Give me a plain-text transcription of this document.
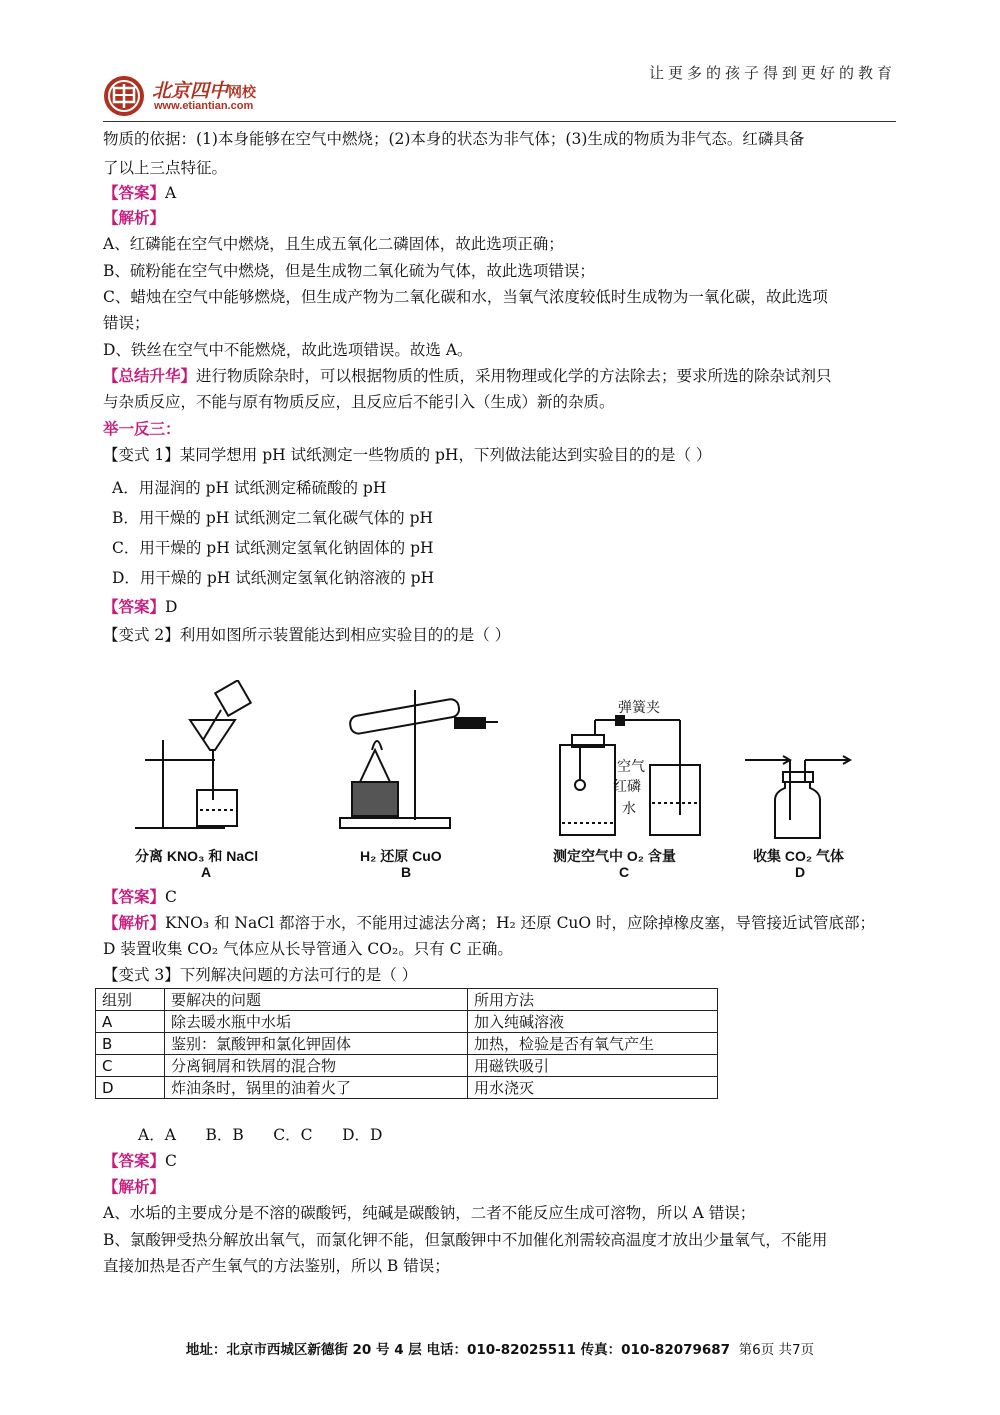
让更多的孩子得到更好的教育
北京四中网校
www.etiantian.com
物质的依据：(1)本身能够在空气中燃烧；(2)本身的状态为非气体；(3)生成的物质为非气态。红磷具备
了以上三点特征。
【答案】A
【解析】
A、红磷能在空气中燃烧，且生成五氧化二磷固体，故此选项正确；
B、硫粉能在空气中燃烧，但是生成物二氧化硫为气体，故此选项错误；
C、蜡烛在空气中能够燃烧，但生成产物为二氧化碳和水，当氧气浓度较低时生成物为一氧化碳，故此选项
错误；
D、铁丝在空气中不能燃烧，故此选项错误。故选 A。
【总结升华】进行物质除杂时，可以根据物质的性质，采用物理或化学的方法除去；要求所选的除杂试剂只
与杂质反应，不能与原有物质反应，且反应后不能引入（生成）新的杂质。
举一反三：
【变式 1】某同学想用 pH 试纸测定一些物质的 pH，下列做法能达到实验目的的是（ ）
A．用湿润的 pH 试纸测定稀硫酸的 pH
B．用干燥的 pH 试纸测定二氧化碳气体的 pH
C．用干燥的 pH 试纸测定氢氧化钠固体的 pH
D．用干燥的 pH 试纸测定氢氧化钠溶液的 pH
【答案】D
【变式 2】利用如图所示装置能达到相应实验目的的是（ ）
分离 KNO₃ 和 NaCl
A
H₂ 还原 CuO
B
弹簧夹
空气
红磷
水
测定空气中 O₂ 含量
C
收集 CO₂ 气体
D
【答案】C
【解析】KNO₃ 和 NaCl 都溶于水，不能用过滤法分离；H₂ 还原 CuO 时，应除掉橡皮塞，导管接近试管底部；
D 装置收集 CO₂ 气体应从长导管通入 CO₂。只有 C 正确。
【变式 3】下列解决问题的方法可行的是（ ）
组别	要解决的问题	所用方法
A	除去暖水瓶中水垢	加入纯碱溶液
B	鉴别：氯酸钾和氯化钾固体	加热，检验是否有氧气产生
C	分离铜屑和铁屑的混合物	用磁铁吸引
D	炸油条时，锅里的油着火了	用水浇灭
A．A      B．B      C．C      D．D
【答案】C
【解析】
A、水垢的主要成分是不溶的碳酸钙，纯碱是碳酸钠，二者不能反应生成可溶物，所以 A 错误；
B、氯酸钾受热分解放出氧气，而氯化钾不能，但氯酸钾中不加催化剂需较高温度才放出少量氧气，不能用
直接加热是否产生氧气的方法鉴别，所以 B 错误；
地址：北京市西城区新德街 20 号 4 层 电话：010-82025511 传真：010-82079687 第6页 共7页
